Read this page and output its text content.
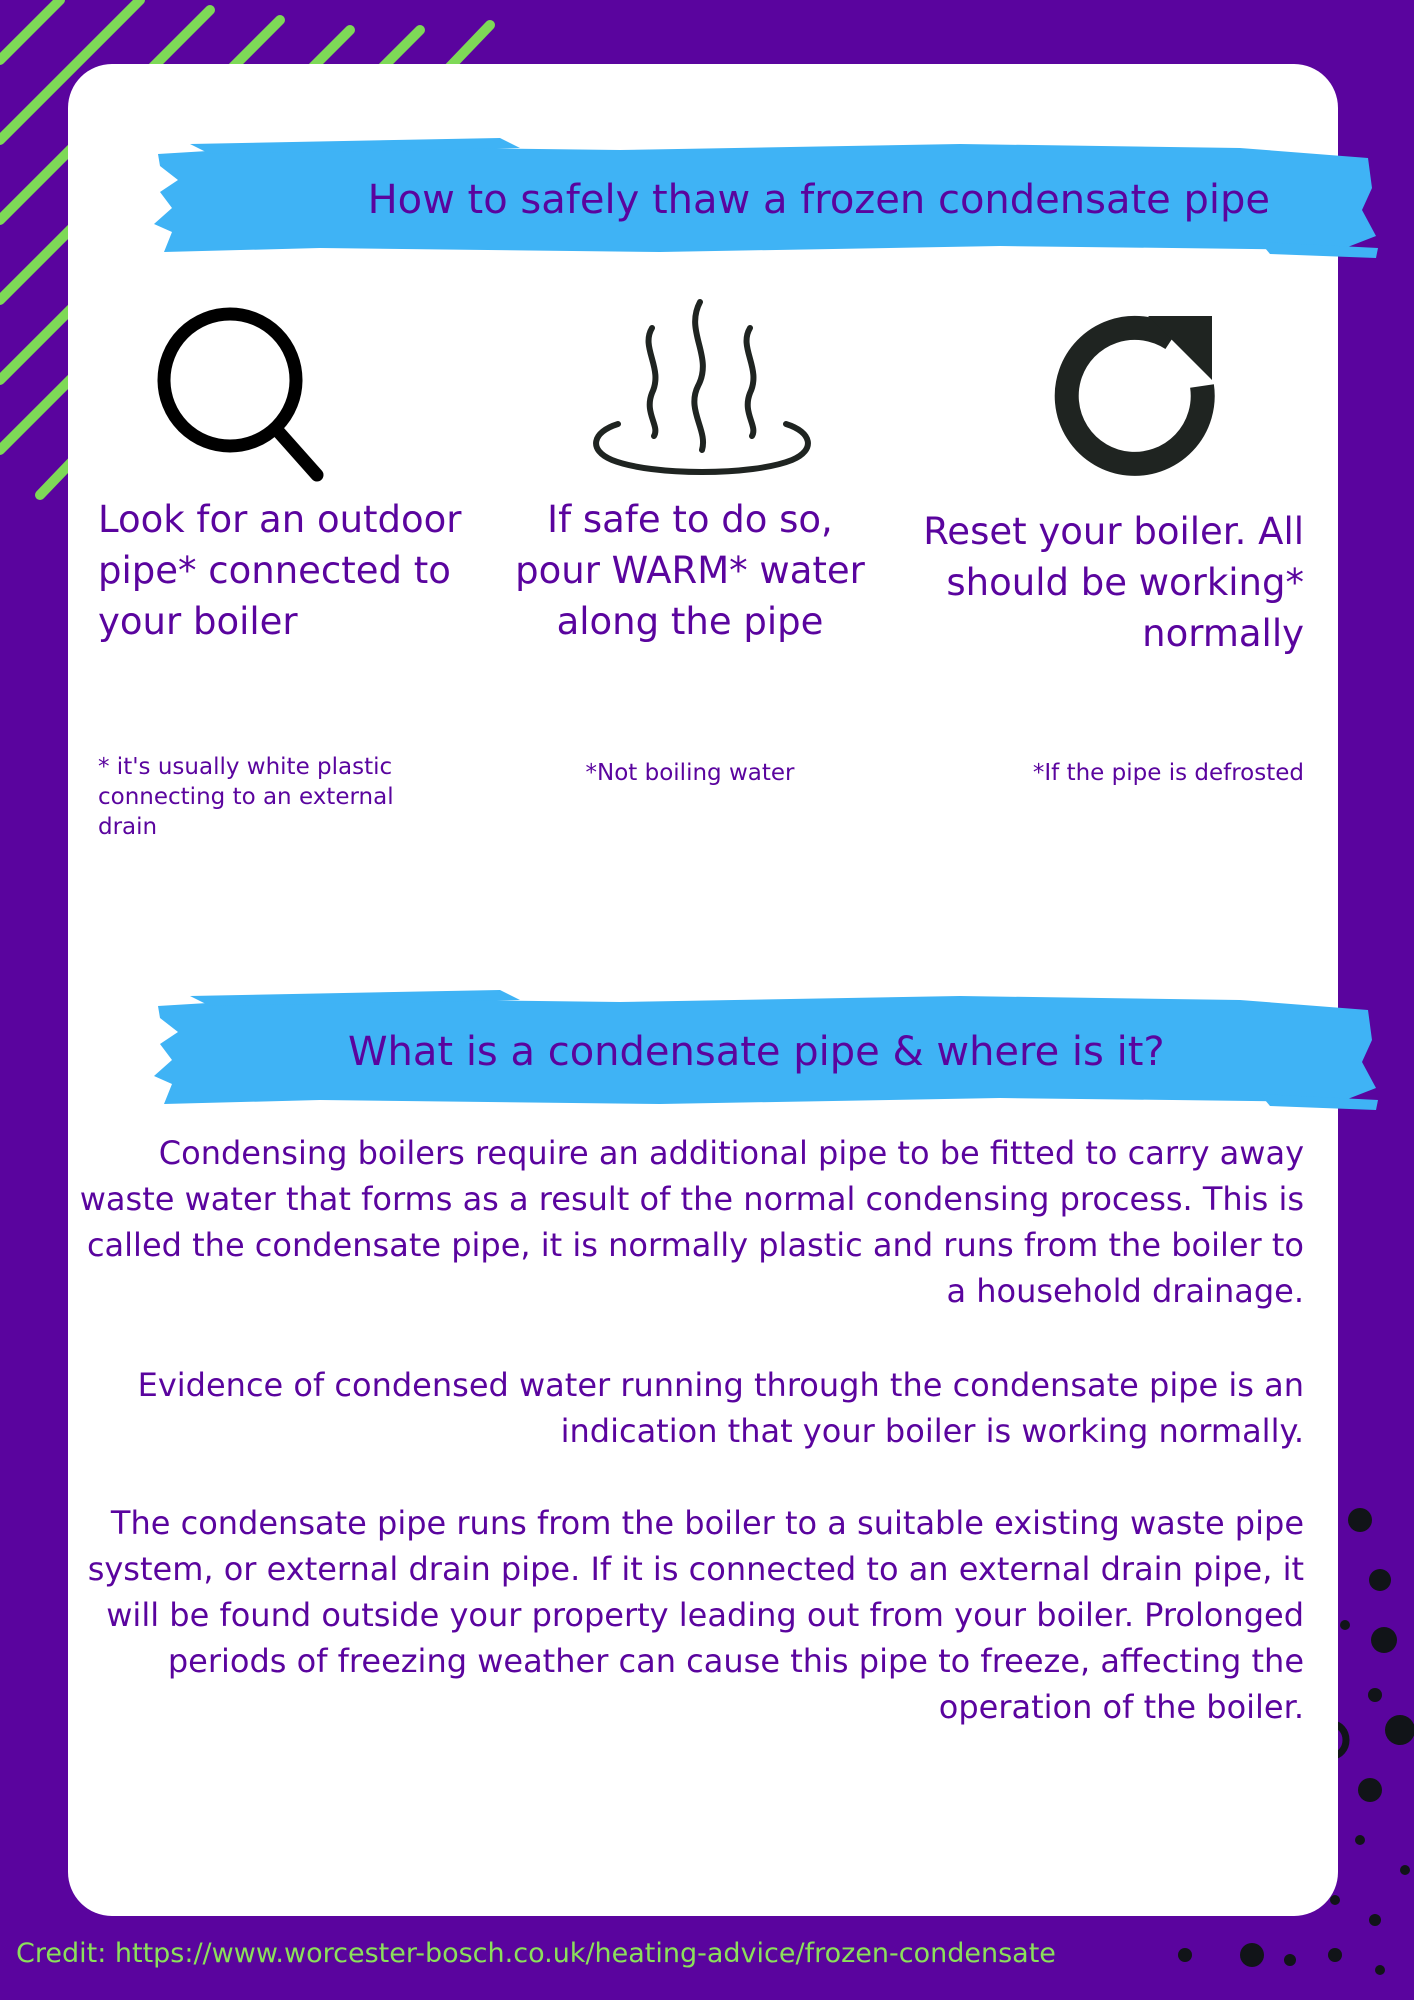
How to safely thaw a frozen condensate pipe
Look for an outdoor pipe* connected to your boiler
* it's usually white plastic connecting to an external drain
If safe to do so, pour WARM* water along the pipe
*Not boiling water
Reset your boiler. All should be working* normally
*If the pipe is defrosted
What is a condensate pipe & where is it?
Condensing boilers require an additional pipe to be fitted to carry away waste water that forms as a result of the normal condensing process. This is called the condensate pipe, it is normally plastic and runs from the boiler to a household drainage.
Evidence of condensed water running through the condensate pipe is an indication that your boiler is working normally.
The condensate pipe runs from the boiler to a suitable existing waste pipe system, or external drain pipe. If it is connected to an external drain pipe, it will be found outside your property leading out from your boiler. Prolonged periods of freezing weather can cause this pipe to freeze, affecting the operation of the boiler.
Credit: https://www.worcester-bosch.co.uk/heating-advice/frozen-condensate
